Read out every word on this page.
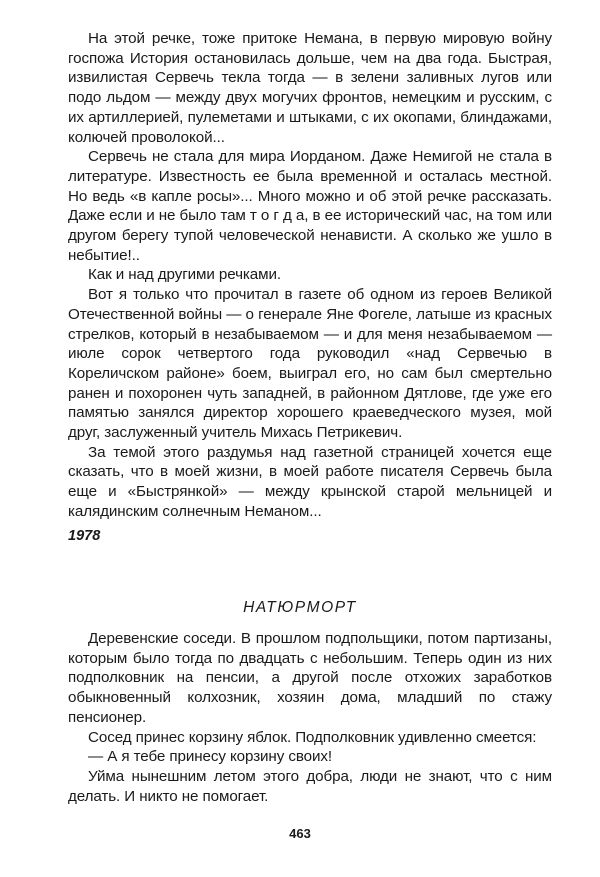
На этой речке, тоже притоке Немана, в первую мировую войну госпожа История остановилась дольше, чем на два года. Быстрая, извилистая Сервечь текла тогда — в зелени заливных лугов или подо льдом — между двух могучих фронтов, немецким и русским, с их артиллерией, пулеметами и штыками, с их окопами, блиндажами, колючей проволокой...

Сервечь не стала для мира Иорданом. Даже Немигой не стала в литературе. Известность ее была временной и осталась местной. Но ведь «в капле росы»... Много можно и об этой речке рассказать. Даже если и не было там т о г д а, в ее исторический час, на том или другом берегу тупой человеческой ненависти. А сколько же ушло в небытие!..

Как и над другими речками.

Вот я только что прочитал в газете об одном из героев Великой Отечественной войны — о генерале Яне Фогеле, латыше из красных стрелков, который в незабываемом — и для меня незабываемом — июле сорок четвертого года руководил «над Сервечью в Кореличском районе» боем, выиграл его, но сам был смертельно ранен и похоронен чуть западней, в районном Дятлове, где уже его памятью занялся директор хорошего краеведческого музея, мой друг, заслуженный учитель Михась Петрикевич.

За темой этого раздумья над газетной страницей хочется еще сказать, что в моей жизни, в моей работе писателя Сервечь была еще и «Быстрянкой» — между крынской старой мельницей и калядинским солнечным Неманом...

1978
НАТЮРМОРТ

Деревенские соседи. В прошлом подпольщики, потом партизаны, которым было тогда по двадцать с небольшим. Теперь один из них подполковник на пенсии, а другой после отхожих заработков обыкновенный колхозник, хозяин дома, младший по стажу пенсионер.

Сосед принес корзину яблок. Подполковник удивленно смеется:

— А я тебе принесу корзину своих!

Уйма нынешним летом этого добра, люди не знают, что с ним делать. И никто не помогает.

463
